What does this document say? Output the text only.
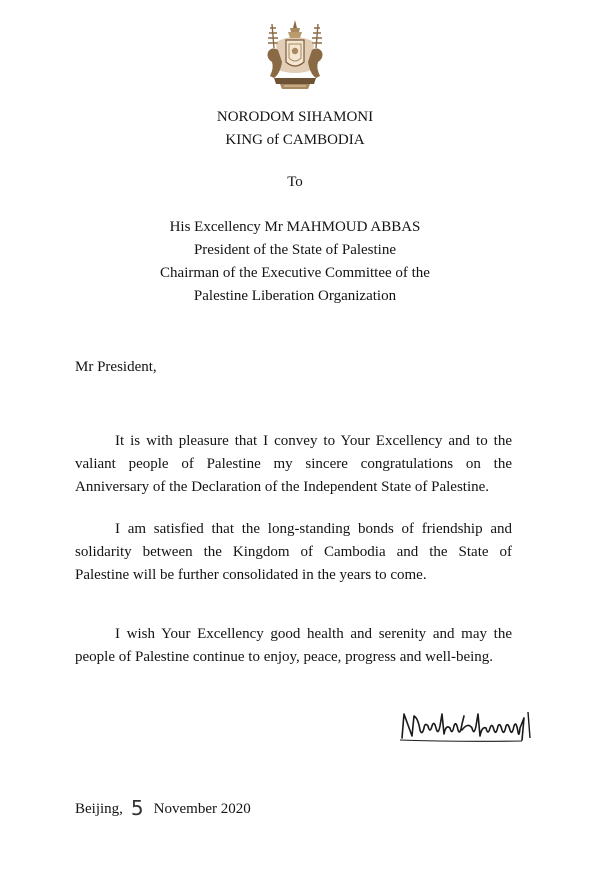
NORODOM SIHAMONI
KING of CAMBODIA
To
His Excellency Mr MAHMOUD ABBAS
President of the State of Palestine
Chairman of the Executive Committee of the
Palestine Liberation Organization
Mr President,
It is with pleasure that I convey to Your Excellency and to the
valiant people of Palestine my sincere congratulations on the
Anniversary of the Declaration of the Independent State of Palestine.
I am satisfied that the long-standing bonds of friendship and
solidarity between the Kingdom of Cambodia and the State of
Palestine will be further consolidated in the years to come.
I wish Your Excellency good health and serenity and may the
people of Palestine continue to enjoy, peace, progress and well-being.
Beijing, 5 November 2020
